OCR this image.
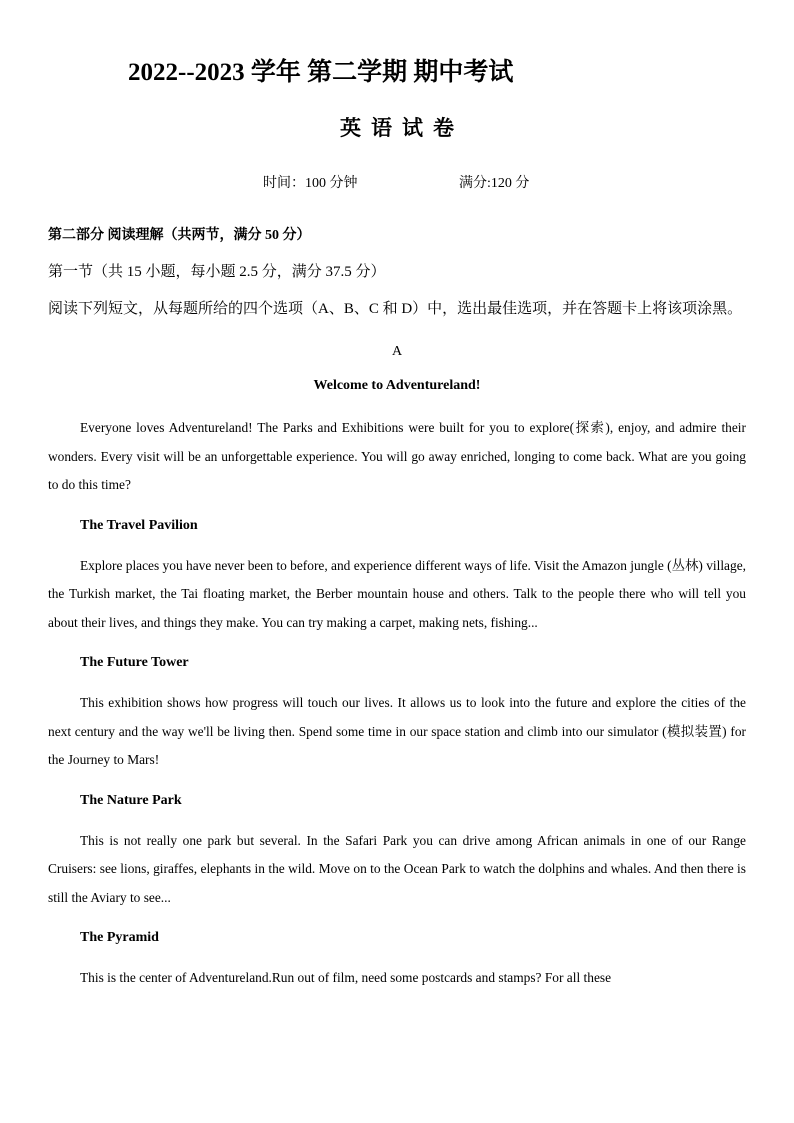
2022--2023 学年 第二学期 期中考试
英语试卷
时间：100 分钟	满分:120 分

第二部分 阅读理解（共两节，满分 50 分）

第一节（共 15 小题，每小题 2.5 分，满分 37.5 分）

阅读下列短文，从每题所给的四个选项（A、B、C 和 D）中，选出最佳选项，并在答题卡上将该项涂黑。

A

Welcome to Adventureland!

Everyone loves Adventureland! The Parks and Exhibitions were built for you to explore(探索), enjoy, and admire their wonders. Every visit will be an unforgettable experience. You will go away enriched, longing to come back. What are you going to do this time?

The Travel Pavilion

Explore places you have never been to before, and experience different ways of life. Visit the Amazon jungle (丛林) village, the Turkish market, the Tai floating market, the Berber mountain house and others. Talk to the people there who will tell you about their lives, and things they make. You can try making a carpet, making nets, fishing...

The Future Tower

This exhibition shows how progress will touch our lives. It allows us to look into the future and explore the cities of the next century and the way we'll be living then. Spend some time in our space station and climb into our simulator (模拟装置) for the Journey to Mars!

The Nature Park

This is not really one park but several. In the Safari Park you can drive among African animals in one of our Range Cruisers: see lions, giraffes, elephants in the wild. Move on to the Ocean Park to watch the dolphins and whales. And then there is still the Aviary to see...

The Pyramid

This is the center of Adventureland.Run out of film, need some postcards and stamps? For all these
